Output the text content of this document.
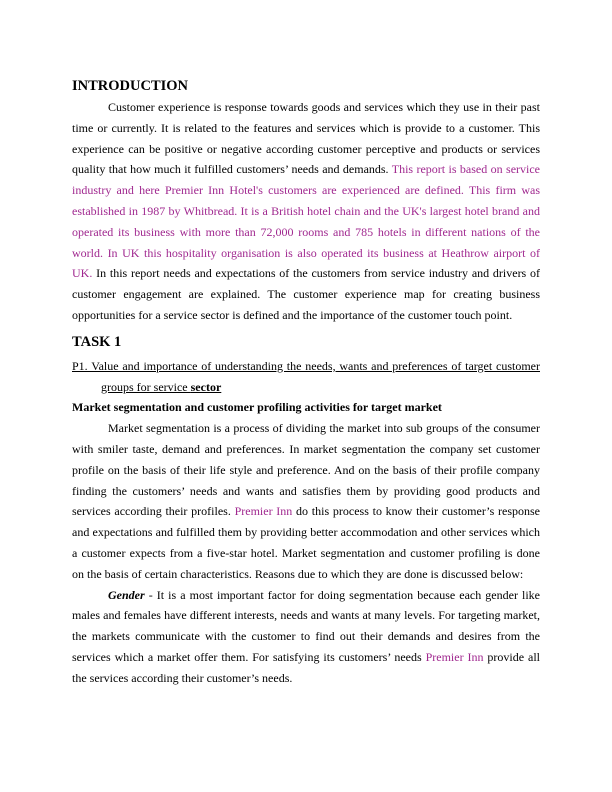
INTRODUCTION

Customer experience is response towards goods and services which they use in their past time or currently. It is related to the features and services which is provide to a customer. This experience can be positive or negative according customer perceptive and products or services quality that how much it fulfilled customers’ needs and demands. This report is based on service industry and here Premier Inn Hotel's customers are experienced are defined. This firm was established in 1987 by Whitbread. It is a British hotel chain and the UK's largest hotel brand and operated its business with more than 72,000 rooms and 785 hotels in different nations of the world. In UK this hospitality organisation is also operated its business at Heathrow airport of UK. In this report needs and expectations of the customers from service industry and drivers of customer engagement are explained. The customer experience map for creating business opportunities for a service sector is defined and the importance of the customer touch point.

TASK 1

P1. Value and importance of understanding the needs, wants and preferences of target customer groups for service sector

Market segmentation and customer profiling activities for target market

Market segmentation is a process of dividing the market into sub groups of the consumer with smiler taste, demand and preferences. In market segmentation the company set customer profile on the basis of their life style and preference. And on the basis of their profile company finding the customers’ needs and wants and satisfies them by providing good products and services according their profiles. Premier Inn do this process to know their customer’s response and expectations and fulfilled them by providing better accommodation and other services which a customer expects from a five-star hotel. Market segmentation and customer profiling is done on the basis of certain characteristics. Reasons due to which they are done is discussed below:

Gender - It is a most important factor for doing segmentation because each gender like males and females have different interests, needs and wants at many levels. For targeting market, the markets communicate with the customer to find out their demands and desires from the services which a market offer them. For satisfying its customers’ needs Premier Inn provide all the services according their customer’s needs.
